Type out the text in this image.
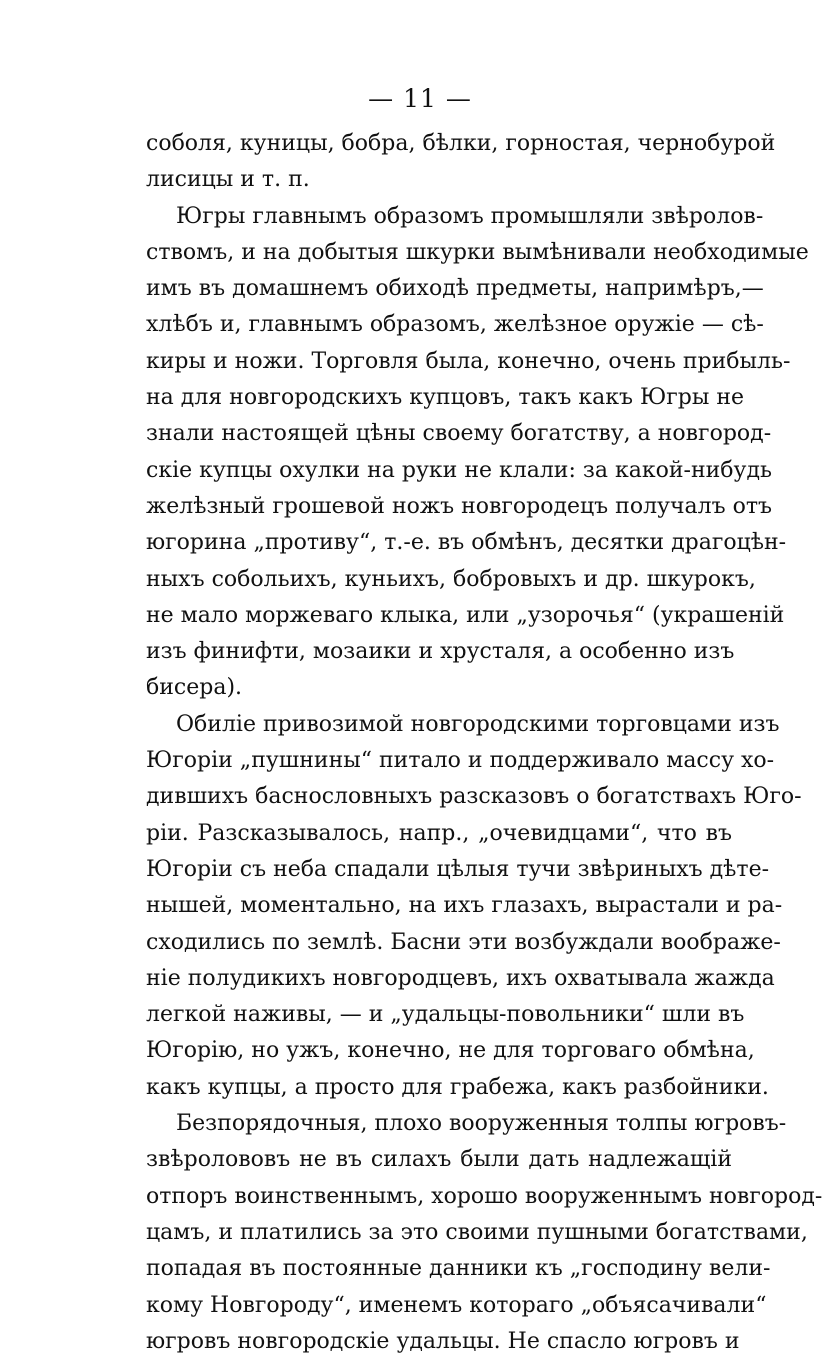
— 11 —
соболя, куницы, бобра, бѣлки, горностая, чернобурой
лисицы и т. п.
Югры главнымъ образомъ промышляли звѣролов-
ствомъ, и на добытыя шкурки вымѣнивали необходимые
имъ въ домашнемъ обиходѣ предметы, напримѣръ,—
хлѣбъ и, главнымъ образомъ, желѣзное оружіе — сѣ-
киры и ножи. Торговля была, конечно, очень прибыль-
на для новгородскихъ купцовъ, такъ какъ Югры не
знали настоящей цѣны своему богатству, а новгород-
скіе купцы охулки на руки не клали: за какой-нибудь
желѣзный грошевой ножъ новгородецъ получалъ отъ
югорина „противу“, т.-е. въ обмѣнъ, десятки драгоцѣн-
ныхъ собольихъ, куньихъ, бобровыхъ и др. шкурокъ,
не мало моржеваго клыка, или „узорочья“ (украшеній
изъ финифти, мозаики и хрусталя, а особенно изъ
бисера).
Обиліе привозимой новгородскими торговцами изъ
Югоріи „пушнины“ питало и поддерживало массу хо-
дившихъ баснословныхъ разсказовъ о богатствахъ Юго-
ріи. Разсказывалось, напр., „очевидцами“, что въ
Югоріи съ неба спадали цѣлыя тучи звѣриныхъ дѣте-
нышей, моментально, на ихъ глазахъ, вырастали и ра-
сходились по землѣ. Басни эти возбуждали воображе-
ніе полудикихъ новгородцевъ, ихъ охватывала жажда
легкой наживы, — и „удальцы-повольники“ шли въ
Югорію, но ужъ, конечно, не для торговаго обмѣна,
какъ купцы, а просто для грабежа, какъ разбойники.
Безпорядочныя, плохо вооруженныя толпы югровъ-
звѣролововъ не въ силахъ были дать надлежащій
отпоръ воинственнымъ, хорошо вооруженнымъ новгород-
цамъ, и платились за это своими пушными богатствами,
попадая въ постоянные данники къ „господину вели-
кому Новгороду“, именемъ котораго „объясачивали“
югровъ новгородскіе удальцы. Не спасло югровъ и
